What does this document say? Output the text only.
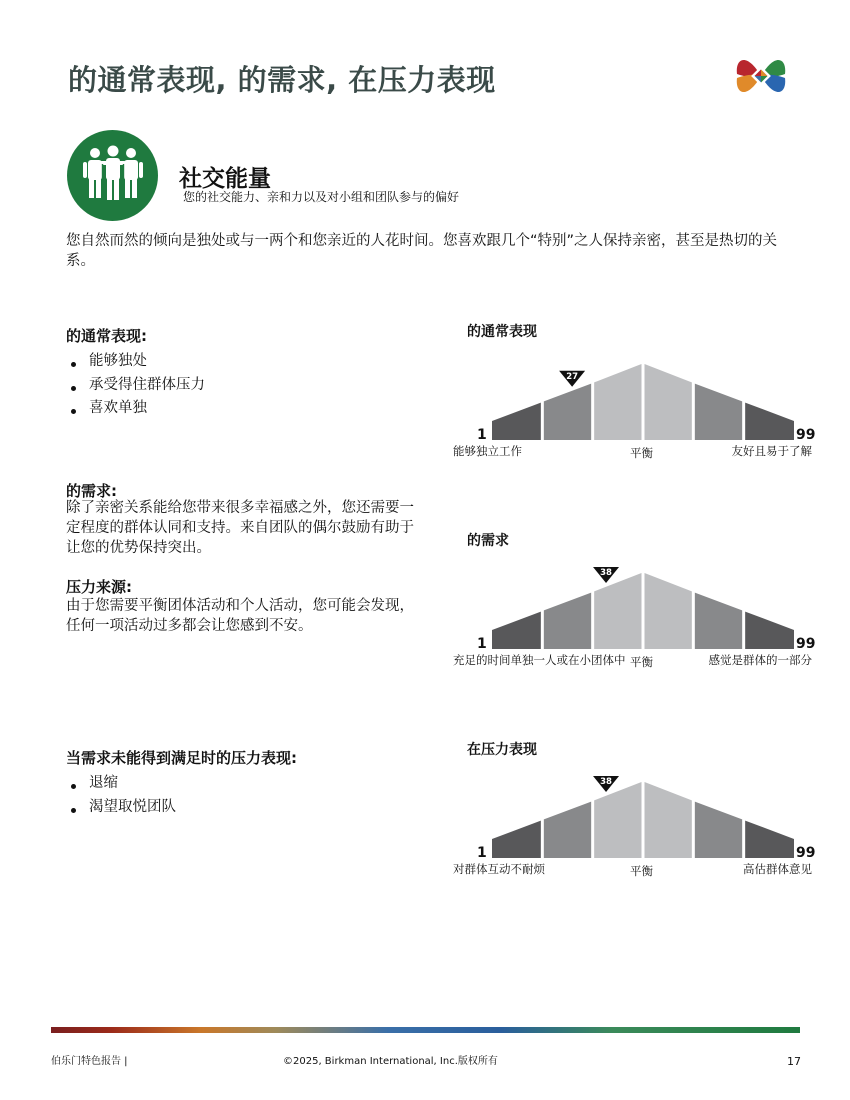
的通常表现, 的需求, 在压力表现
社交能量
您的社交能力、亲和力以及对小组和团队参与的偏好
您自然而然的倾向是独处或与一两个和您亲近的人花时间。您喜欢跟几个“特别”之人保持亲密，甚至是热切的关系。
的通常表现:
能够独处
承受得住群体压力
喜欢单独
的需求:
除了亲密关系能给您带来很多幸福感之外，您还需要一定程度的群体认同和支持。来自团队的偶尔鼓励有助于让您的优势保持突出。
压力来源:
由于您需要平衡团体活动和个人活动，您可能会发现，任何一项活动过多都会让您感到不安。
当需求未能得到满足时的压力表现:
退缩
渴望取悦团队
的通常表现
27
1	99
能够独立工作	平衡	友好且易于了解
的需求
38
1	99
充足的时间单独一人或在小团体中 平衡	感觉是群体的一部分
在压力表现
38
1	99
对群体互动不耐烦	平衡	高估群体意见
伯乐门特色报告 |	©2025, Birkman International, Inc.版权所有	17
